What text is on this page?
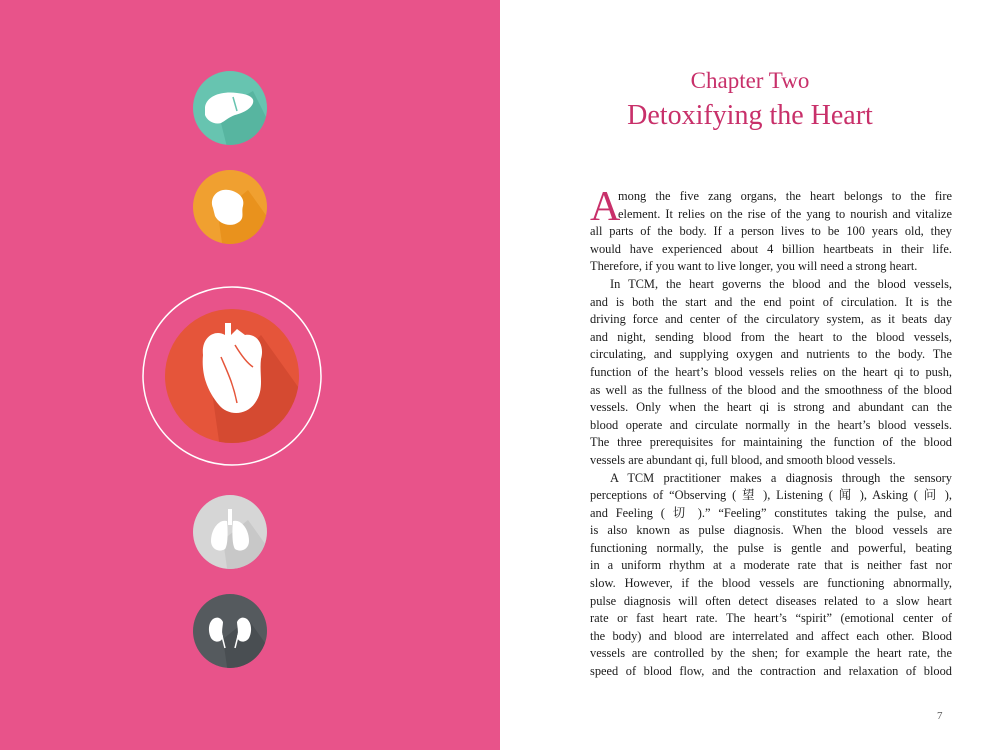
Chapter Two
Detoxifying the Heart
A
mong the five zang organs, the heart belongs to the fire
element. It relies on the rise of the yang to nourish and vitalize
all parts of the body. If a person lives to be 100 years old, they
would have experienced about 4 billion heartbeats in their life.
Therefore, if you want to live longer, you will need a strong heart.
In TCM, the heart governs the blood and the blood vessels,
and is both the start and the end point of circulation. It is the
driving force and center of the circulatory system, as it beats day
and night, sending blood from the heart to the blood vessels,
circulating, and supplying oxygen and nutrients to the body. The
function of the heart’s blood vessels relies on the heart qi to push,
as well as the fullness of the blood and the smoothness of the blood
vessels. Only when the heart qi is strong and abundant can the
blood operate and circulate normally in the heart’s blood vessels.
The three prerequisites for maintaining the function of the blood
vessels are abundant qi, full blood, and smooth blood vessels.
A TCM practitioner makes a diagnosis through the sensory
perceptions of “Observing ( 望 ), Listening ( 闻 ), Asking ( 问 ),
and Feeling ( 切 ).” “Feeling” constitutes taking the pulse, and
is also known as pulse diagnosis. When the blood vessels are
functioning normally, the pulse is gentle and powerful, beating
in a uniform rhythm at a moderate rate that is neither fast nor
slow. However, if the blood vessels are functioning abnormally,
pulse diagnosis will often detect diseases related to a slow heart
rate or fast heart rate. The heart’s “spirit” (emotional center of
the body) and blood are interrelated and affect each other. Blood
vessels are controlled by the shen; for example the heart rate, the
speed of blood flow, and the contraction and relaxation of blood
7
